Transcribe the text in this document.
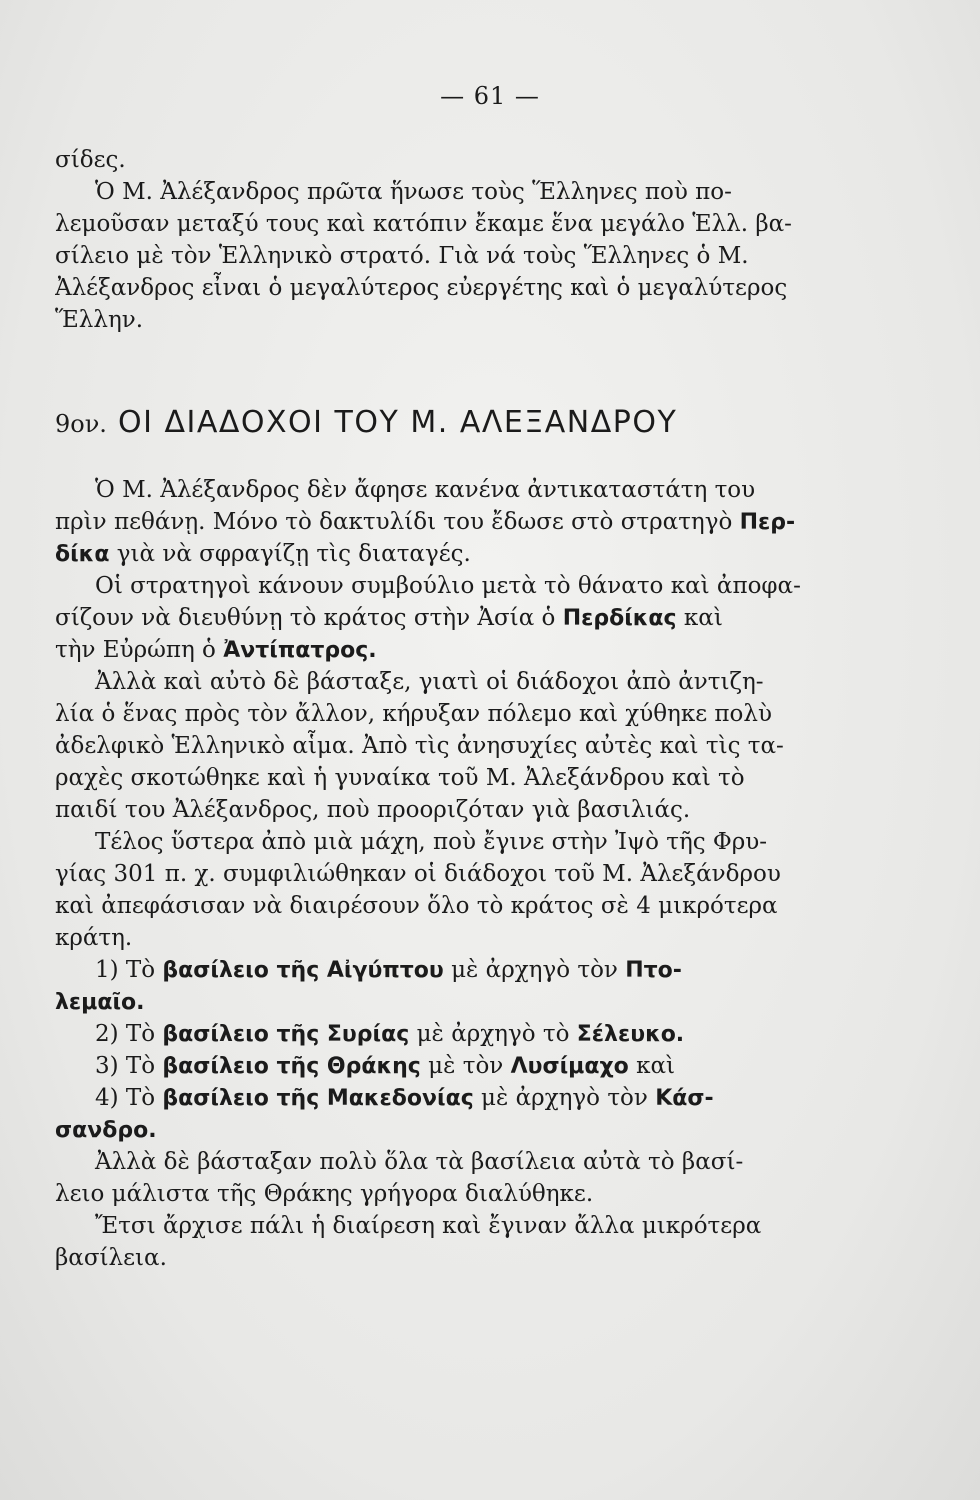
— 61 —
σίδες.
Ὁ Μ. Ἀλέξανδρος πρῶτα ἥνωσε τοὺς Ἕλληνες ποὺ πο-
λεμοῦσαν μεταξύ τους καὶ κατόπιν ἔκαμε ἕνα μεγάλο Ἑλλ. βα-
σίλειο μὲ τὸν Ἑλληνικὸ στρατό. Γιὰ νά τοὺς Ἕλληνες ὁ Μ.
Ἀλέξανδρος εἶναι ὁ μεγαλύτερος εὐεργέτης καὶ ὁ μεγαλύτερος
Ἕλλην.
9ον. ΟΙ ΔΙΑΔΟΧΟΙ ΤΟΥ Μ. ΑΛΕΞΑΝΔΡΟΥ
Ὁ Μ. Ἀλέξανδρος δὲν ἄφησε κανένα ἀντικαταστάτη του
πρὶν πεθάνῃ. Μόνο τὸ δακτυλίδι του ἔδωσε στὸ στρατηγὸ Περ-
δίκα γιὰ νὰ σφραγίζῃ τὶς διαταγές.
Οἱ στρατηγοὶ κάνουν συμβούλιο μετὰ τὸ θάνατο καὶ ἀποφα-
σίζουν νὰ διευθύνῃ τὸ κράτος στὴν Ἀσία ὁ Περδίκας καὶ
τὴν Εὐρώπη ὁ Ἀντίπατρος.
Ἀλλὰ καὶ αὐτὸ δὲ βάσταξε, γιατὶ οἱ διάδοχοι ἀπὸ ἀντιζη-
λία ὁ ἕνας πρὸς τὸν ἄλλον, κήρυξαν πόλεμο καὶ χύθηκε πολὺ
ἀδελφικὸ Ἑλληνικὸ αἷμα. Ἀπὸ τὶς ἀνησυχίες αὐτὲς καὶ τὶς τα-
ραχὲς σκοτώθηκε καὶ ἡ γυναίκα τοῦ Μ. Ἀλεξάνδρου καὶ τὸ
παιδί του Ἀλέξανδρος, ποὺ προοριζόταν γιὰ βασιλιάς.
Τέλος ὕστερα ἀπὸ μιὰ μάχη, ποὺ ἔγινε στὴν Ἰψὸ τῆς Φρυ-
γίας 301 π. χ. συμφιλιώθηκαν οἱ διάδοχοι τοῦ Μ. Ἀλεξάνδρου
καὶ ἀπεφάσισαν νὰ διαιρέσουν ὅλο τὸ κράτος σὲ 4 μικρότερα
κράτη.
1) Τὸ βασίλειο τῆς Αἰγύπτου μὲ ἀρχηγὸ τὸν Πτο-
λεμαῖο.
2) Τὸ βασίλειο τῆς Συρίας μὲ ἀρχηγὸ τὸ Σέλευκο.
3) Τὸ βασίλειο τῆς Θράκης μὲ τὸν Λυσίμαχο καὶ
4) Τὸ βασίλειο τῆς Μακεδονίας μὲ ἀρχηγὸ τὸν Κάσ-
σανδρο.
Ἀλλὰ δὲ βάσταξαν πολὺ ὅλα τὰ βασίλεια αὐτὰ τὸ βασί-
λειο μάλιστα τῆς Θράκης γρήγορα διαλύθηκε.
Ἔτσι ἄρχισε πάλι ἡ διαίρεση καὶ ἔγιναν ἄλλα μικρότερα
βασίλεια.
